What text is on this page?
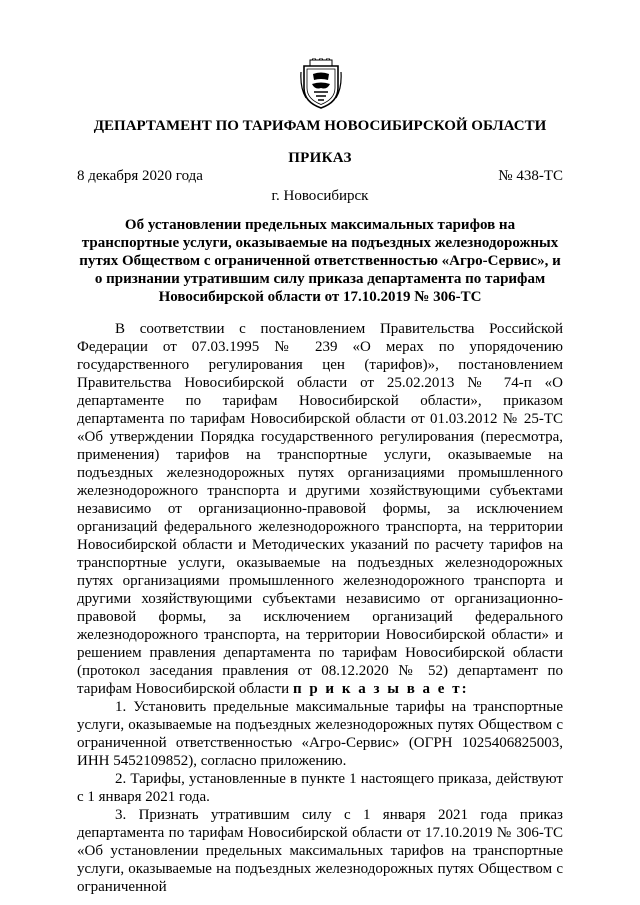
ДЕПАРТАМЕНТ ПО ТАРИФАМ НОВОСИБИРСКОЙ ОБЛАСТИ
ПРИКАЗ
8 декабря 2020 года	№ 438-ТС
г. Новосибирск
Об установлении предельных максимальных тарифов на транспортные услуги, оказываемые на подъездных железнодорожных путях Обществом с ограниченной ответственностью «Агро-Сервис», и о признании утратившим силу приказа департамента по тарифам Новосибирской области от 17.10.2019 № 306-ТС

В соответствии с постановлением Правительства Российской Федерации от 07.03.1995 № 239 «О мерах по упорядочению государственного регулирования цен (тарифов)», постановлением Правительства Новосибирской области от 25.02.2013 № 74-п «О департаменте по тарифам Новосибирской области», приказом департамента по тарифам Новосибирской области от 01.03.2012 № 25-ТС «Об утверждении Порядка государственного регулирования (пересмотра, применения) тарифов на транспортные услуги, оказываемые на подъездных железнодорожных путях организациями промышленного железнодорожного транспорта и другими хозяйствующими субъектами независимо от организационно-правовой формы, за исключением организаций федерального железнодорожного транспорта, на территории Новосибирской области и Методических указаний по расчету тарифов на транспортные услуги, оказываемые на подъездных железнодорожных путях организациями промышленного железнодорожного транспорта и другими хозяйствующими субъектами независимо от организационно-правовой формы, за исключением организаций федерального железнодорожного транспорта, на территории Новосибирской области» и решением правления департамента по тарифам Новосибирской области (протокол заседания правления от 08.12.2020 № 52) департамент по тарифам Новосибирской области п р и к а з ы в а е т:

1. Установить предельные максимальные тарифы на транспортные услуги, оказываемые на подъездных железнодорожных путях Обществом с ограниченной ответственностью «Агро-Сервис» (ОГРН 1025406825003, ИНН 5452109852), согласно приложению.

2. Тарифы, установленные в пункте 1 настоящего приказа, действуют с 1 января 2021 года.

3. Признать утратившим силу с 1 января 2021 года приказ департамента по тарифам Новосибирской области от 17.10.2019 № 306-ТС «Об установлении предельных максимальных тарифов на транспортные услуги, оказываемые на подъездных железнодорожных путях Обществом с ограниченной
